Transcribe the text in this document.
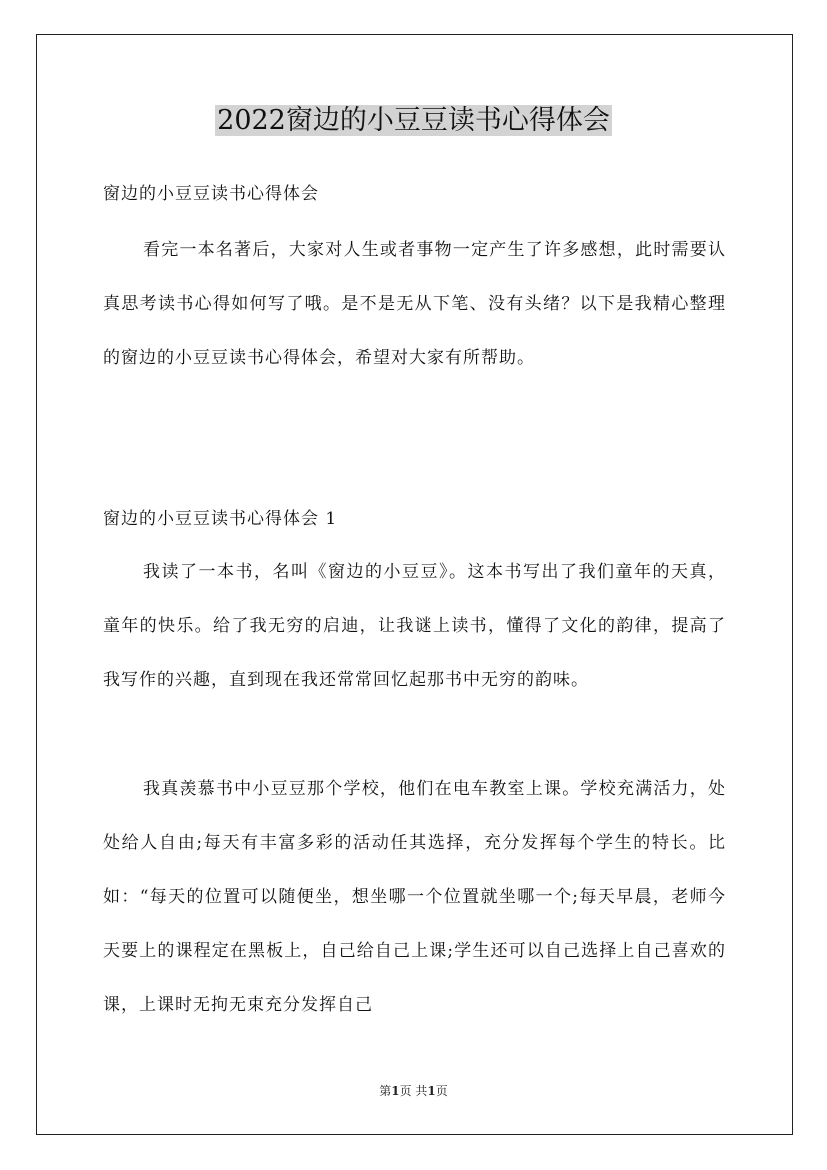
2022窗边的小豆豆读书心得体会
窗边的小豆豆读书心得体会

看完一本名著后，大家对人生或者事物一定产生了许多感想，此时需要认真思考读书心得如何写了哦。是不是无从下笔、没有头绪？以下是我精心整理的窗边的小豆豆读书心得体会，希望对大家有所帮助。

窗边的小豆豆读书心得体会 1

我读了一本书，名叫《窗边的小豆豆》。这本书写出了我们童年的天真，童年的快乐。给了我无穷的启迪，让我谜上读书，懂得了文化的韵律，提高了我写作的兴趣，直到现在我还常常回忆起那书中无穷的韵味。

我真羡慕书中小豆豆那个学校，他们在电车教室上课。学校充满活力，处处给人自由;每天有丰富多彩的活动任其选择，充分发挥每个学生的特长。比如：“每天的位置可以随便坐，想坐哪一个位置就坐哪一个;每天早晨，老师今天要上的课程定在黑板上，自己给自己上课;学生还可以自己选择上自己喜欢的课，上课时无拘无束充分发挥自己

第1页 共1页
